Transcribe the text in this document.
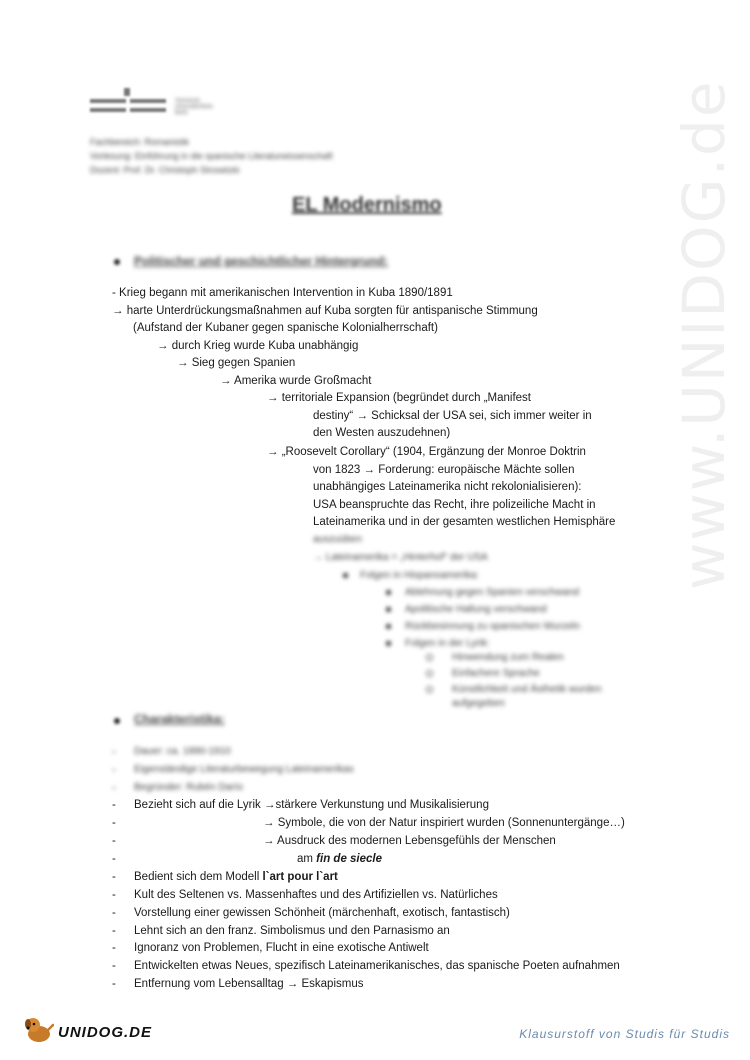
www.UNIDOG.de
Technische
Universität Berlin
Berlin
Fachbereich: Romanistik
Vorlesung: Einführung in die spanische Literaturwissenschaft
Dozent: Prof. Dr. Christoph Strosetzki
EL Modernismo
Politischer und geschichtlicher Hintergrund:
- Krieg begann mit amerikanischen Intervention in Kuba 1890/1891
→ harte Unterdrückungsmaßnahmen auf Kuba sorgten für antispanische Stimmung
(Aufstand der Kubaner gegen spanische Kolonialherrschaft)
→ durch Krieg wurde Kuba unabhängig
→ Sieg gegen Spanien
→ Amerika wurde Großmacht
→ territoriale Expansion (begründet durch „Manifest
destiny“ → Schicksal der USA sei, sich immer weiter in
den Westen auszudehnen)
→ „Roosevelt Corollary“ (1904, Ergänzung der Monroe Doktrin
von 1823 → Forderung: europäische Mächte sollen
unabhängiges Lateinamerika nicht rekolonialisieren):
USA beanspruchte das Recht, ihre polizeiliche Macht in
Lateinamerika und in der gesamten westlichen Hemisphäre
auszuüben
→ Lateinamerika = „Hinterhof“ der USA
Folgen in Hispanoamerika:
Ablehnung gegen Spanien verschwand
Apolitische Haltung verschwand
Rückbesinnung zu spanischen Wurzeln
Folgen in der Lyrik:
Hinwendung zum Realen
Einfachere Sprache
Künstlichkeit und Ästhetik wurden
aufgegeben
Charakteristika:
- Dauer: ca. 1890-1910
- Eigenständige Literaturbewegung Lateinamerikas
- Begründer: Rubén Darío
- Bezieht sich auf die Lyrik →stärkere Verkunstung und Musikalisierung
-	→ Symbole, die von der Natur inspiriert wurden (Sonnenuntergänge…)
-	→ Ausdruck des modernen Lebensgefühls der Menschen
-	am fin de siecle
- Bedient sich dem Modell l`art pour l`art
- Kult des Seltenen vs. Massenhaftes und des Artifiziellen vs. Natürliches
- Vorstellung einer gewissen Schönheit (märchenhaft, exotisch, fantastisch)
- Lehnt sich an den franz. Simbolismus und den Parnasismo an
- Ignoranz von Problemen, Flucht in eine exotische Antiwelt
- Entwickelten etwas Neues, spezifisch Lateinamerikanisches, das spanische Poeten aufnahmen
- Entfernung vom Lebensalltag → Eskapismus
UNIDOG.DE	Klausurstoff von Studis für Studis
